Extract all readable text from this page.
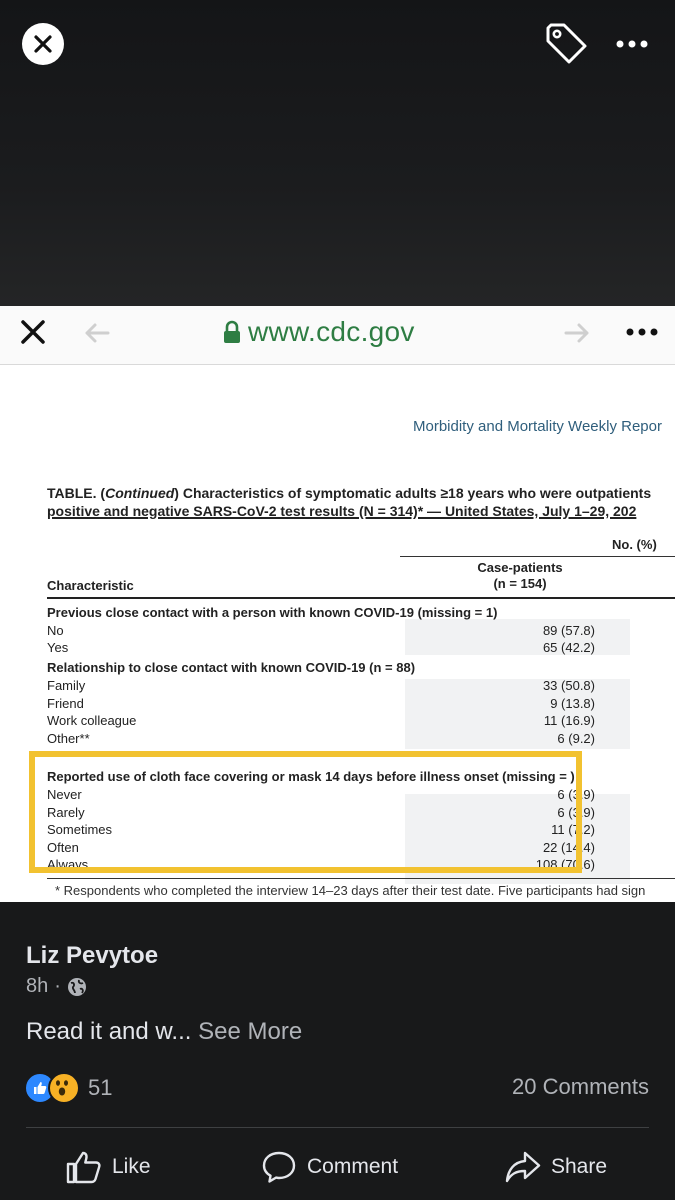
www.cdc.gov
Morbidity and Mortality Weekly Repor
TABLE. (Continued) Characteristics of symptomatic adults ≥18 years who were outpatients
positive and negative SARS-CoV-2 test results (N = 314)* — United States, July 1–29, 202
No. (%)
Case-patients
(n = 154)
Characteristic
Previous close contact with a person with known COVID-19 (missing = 1)
No	89 (57.8)
Yes	65 (42.2)
Relationship to close contact with known COVID-19 (n = 88)
Family	33 (50.8)
Friend	9 (13.8)
Work colleague	11 (16.9)
Other**	6 (9.2)
Reported use of cloth face covering or mask 14 days before illness onset (missing = )
Never	6 (3.9)
Rarely	6 (3.9)
Sometimes	11 (7.2)
Often	22 (14.4)
Always	108 (70.6)
* Respondents who completed the interview 14–23 days after their test date. Five participants had sign
Liz Pevytoe
8h ·
Read it and w... See More
51	20 Comments
Like	Comment	Share
